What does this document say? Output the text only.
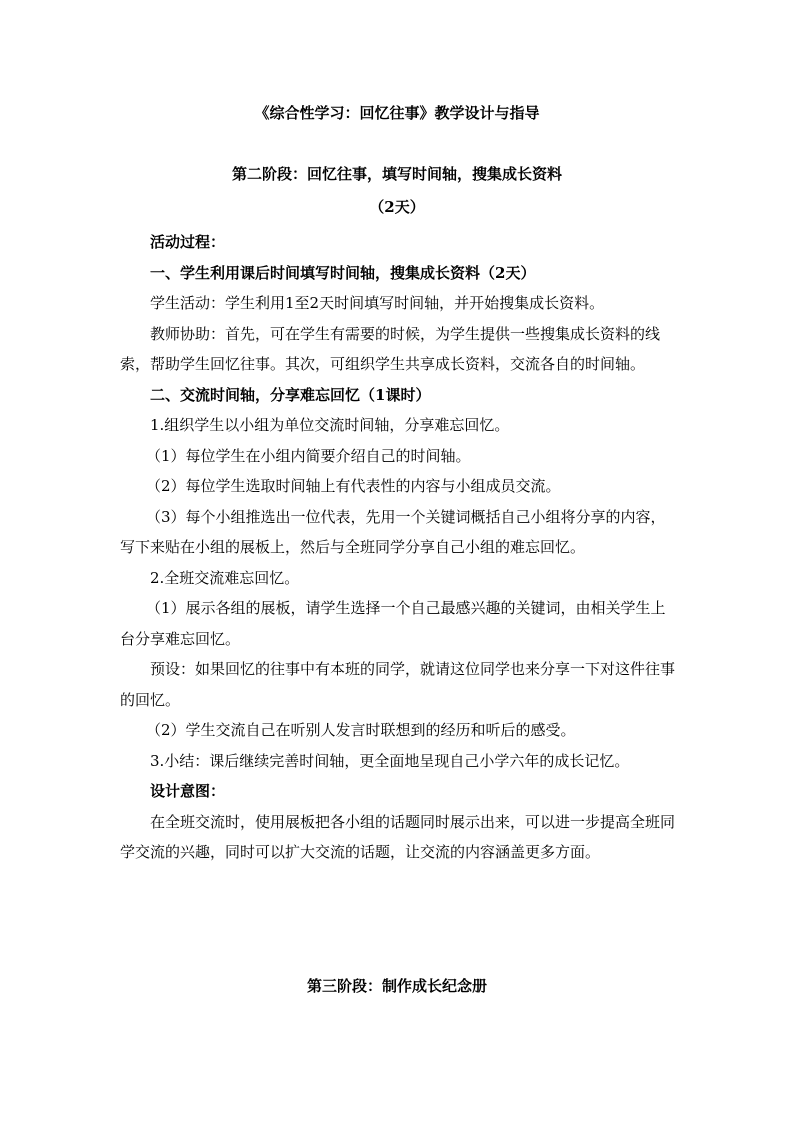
《综合性学习：回忆往事》教学设计与指导
第二阶段：回忆往事，填写时间轴，搜集成长资料
（2天）

活动过程：

一、学生利用课后时间填写时间轴，搜集成长资料（2天）

学生活动：学生利用1至2天时间填写时间轴，并开始搜集成长资料。

教师协助：首先，可在学生有需要的时候，为学生提供一些搜集成长资料的线索，帮助学生回忆往事。其次，可组织学生共享成长资料，交流各自的时间轴。

二、交流时间轴，分享难忘回忆（1课时）

1.组织学生以小组为单位交流时间轴，分享难忘回忆。

（1）每位学生在小组内简要介绍自己的时间轴。

（2）每位学生选取时间轴上有代表性的内容与小组成员交流。

（3）每个小组推选出一位代表，先用一个关键词概括自己小组将分享的内容，写下来贴在小组的展板上，然后与全班同学分享自己小组的难忘回忆。

2.全班交流难忘回忆。

（1）展示各组的展板，请学生选择一个自己最感兴趣的关键词，由相关学生上台分享难忘回忆。

预设：如果回忆的往事中有本班的同学，就请这位同学也来分享一下对这件往事的回忆。

（2）学生交流自己在听别人发言时联想到的经历和听后的感受。

3.小结：课后继续完善时间轴，更全面地呈现自己小学六年的成长记忆。

设计意图：

在全班交流时，使用展板把各小组的话题同时展示出来，可以进一步提高全班同学交流的兴趣，同时可以扩大交流的话题，让交流的内容涵盖更多方面。

第三阶段：制作成长纪念册
